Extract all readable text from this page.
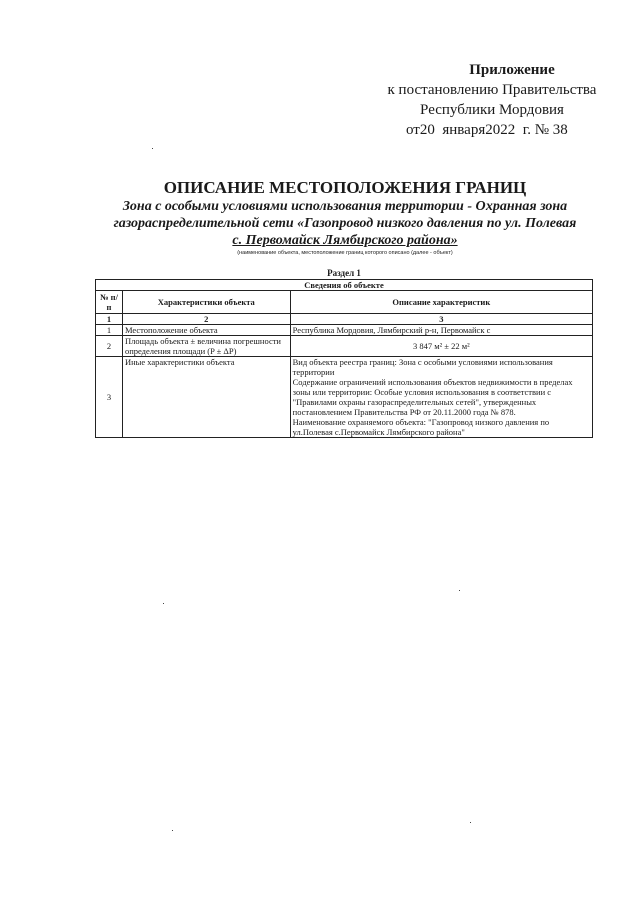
Приложение
к постановлению Правительства
Республики Мордовия
от20 января2022 г. № 38
ОПИСАНИЕ МЕСТОПОЛОЖЕНИЯ ГРАНИЦ
Зона с особыми условиями использования территории - Охранная зона
газораспределительной сети «Газопровод низкого давления по ул. Полевая
с. Первомайск Лямбирского района»
(наименование объекта, местоположение границ которого описано (далее - объект)
Раздел 1
Сведения об объекте		
№ п/п	Характеристики объекта	Описание характеристик
1	2	3
1	Местоположение объекта	Республика Мордовия, Лямбирский р-н, Первомайск с
2	Площадь объекта ± величина погрешности определения площади (P ± ΔP)	3 847 м² ± 22 м²
3	Иные характеристики объекта	Вид объекта реестра границ: Зона с особыми условиями использования территории
Содержание ограничений использования объектов недвижимости в пределах зоны или территории: Особые условия использования в соответствии с "Правилами охраны газораспределительных сетей", утвержденных постановлением Правительства РФ от 20.11.2000 года № 878.
Наименование охраняемого объекта: "Газопровод низкого давления по ул.Полевая с.Первомайск Лямбирского района"
